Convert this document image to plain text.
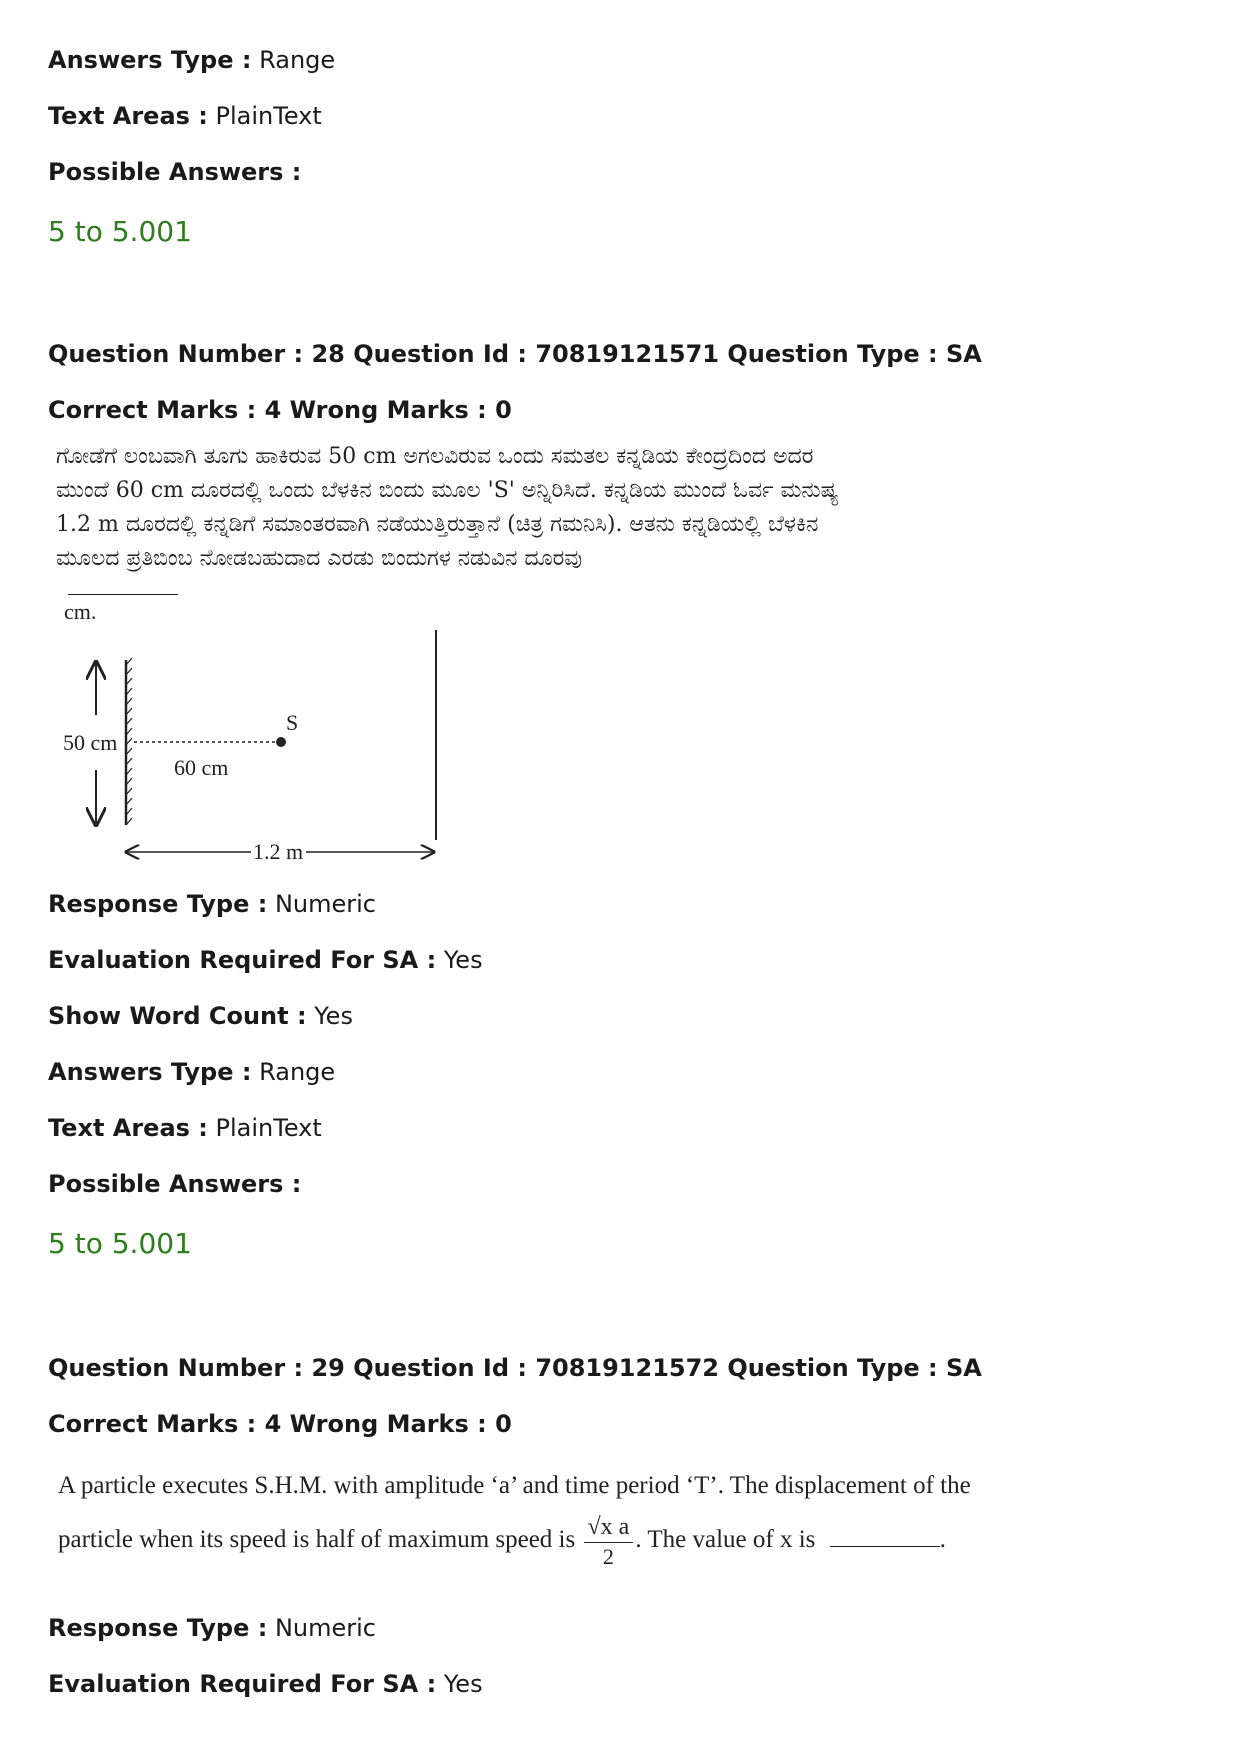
Answers Type : Range
Text Areas : PlainText
Possible Answers :
5 to 5.001
Question Number : 28 Question Id : 70819121571 Question Type : SA
Correct Marks : 4 Wrong Marks : 0
ಗೋಡೆಗೆ ಲಂಬವಾಗಿ ತೂಗು ಹಾಕಿರುವ 50 cm ಅಗಲವಿರುವ ಒಂದು ಸಮತಲ ಕನ್ನಡಿಯ ಕೇಂದ್ರದಿಂದ ಅದರ
ಮುಂದೆ 60 cm ದೂರದಲ್ಲಿ ಒಂದು ಬೆಳಕಿನ ಬಿಂದು ಮೂಲ 'S' ಅನ್ನಿರಿಸಿದೆ. ಕನ್ನಡಿಯ ಮುಂದೆ ಓರ್ವ ಮನುಷ್ಯ
1.2 m ದೂರದಲ್ಲಿ ಕನ್ನಡಿಗೆ ಸಮಾಂತರವಾಗಿ ನಡೆಯುತ್ತಿರುತ್ತಾನೆ (ಚಿತ್ರ ಗಮನಿಸಿ). ಆತನು ಕನ್ನಡಿಯಲ್ಲಿ ಬೆಳಕಿನ
ಮೂಲದ ಪ್ರತಿಬಿಂಬ ನೋಡಬಹುದಾದ ಎರಡು ಬಿಂದುಗಳ ನಡುವಿನ ದೂರವು
cm.
50 cm
S
60 cm
1.2 m
Response Type : Numeric
Evaluation Required For SA : Yes
Show Word Count : Yes
Answers Type : Range
Text Areas : PlainText
Possible Answers :
5 to 5.001
Question Number : 29 Question Id : 70819121572 Question Type : SA
Correct Marks : 4 Wrong Marks : 0
A particle executes S.H.M. with amplitude ‘a’ and time period ‘T’. The displacement of the
particle when its speed is half of maximum speed is $\frac{\text{√x a}}{2}$ . The value of x is	.
Response Type : Numeric
Evaluation Required For SA : Yes
